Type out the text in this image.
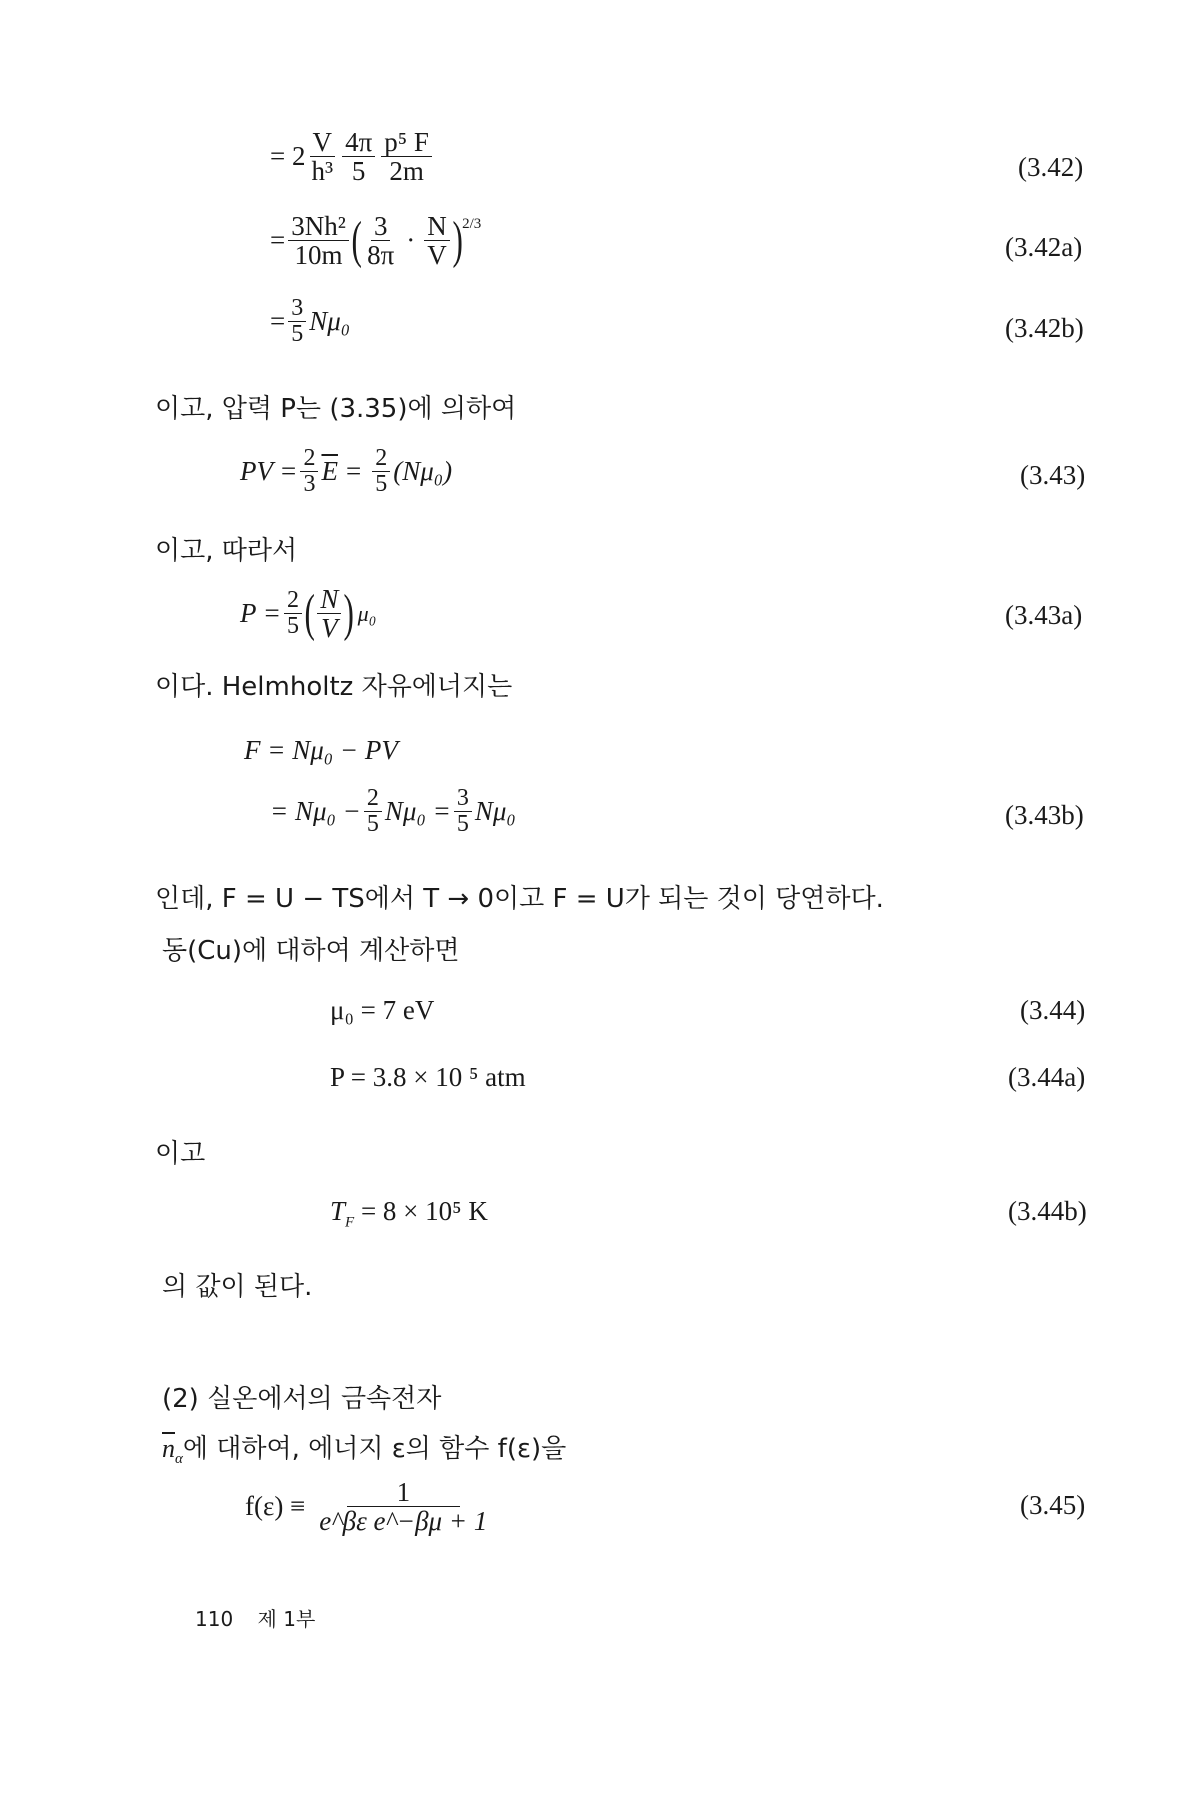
= $2 \frac{V}{\text{h³}} \frac{4\pi}{5} \frac{\text{p⁵ F}}{2m}$	(3.42)
= $\frac{\text{3Nh²}}{10m}$ ( $\frac{3}{8\pi} \cdot \frac{N}{V} )^{2/3}$
(3.42a)
= $\frac{3}{5} N\mu_0$	(3.42b)
이고, 압력 P는 (3.35)에 의하여
PV = $\frac{2}{3} \overline{E} = \frac{2}{5} (N\mu_0)$	(3.43)
이고, 따라서
$P = \frac{2}{5}$ ( $\frac{N}{V}$ ) μ₀	(3.43a)
이다. Helmholtz 자유에너지는
F = Nμ₀ − PV
= $N\mu_0 - \frac{2}{5} N\mu_0 = \frac{3}{5} N\mu_0$	(3.43b)
인데, F = U − TS에서 T → 0이고 F = U가 되는 것이 당연하다.
동(Cu)에 대하여 계산하면
μ₀ = 7 eV	(3.44)
P = 3.8 × 10 ⁵ atm	(3.44a)
이고
$T_F = 8 \times 10^5$ K	(3.44b)
의 값이 된다.
(2) 실온에서의 금속전자
$\overline{n}_\alpha$에 대하여, 에너지 ε의 함수 f(ε)을
$f(\varepsilon) \equiv \frac{1}{\text{e\textasciicircum{}βε e\textasciicircum{}−βμ + 1}}$	(3.45)
110 제 1부
